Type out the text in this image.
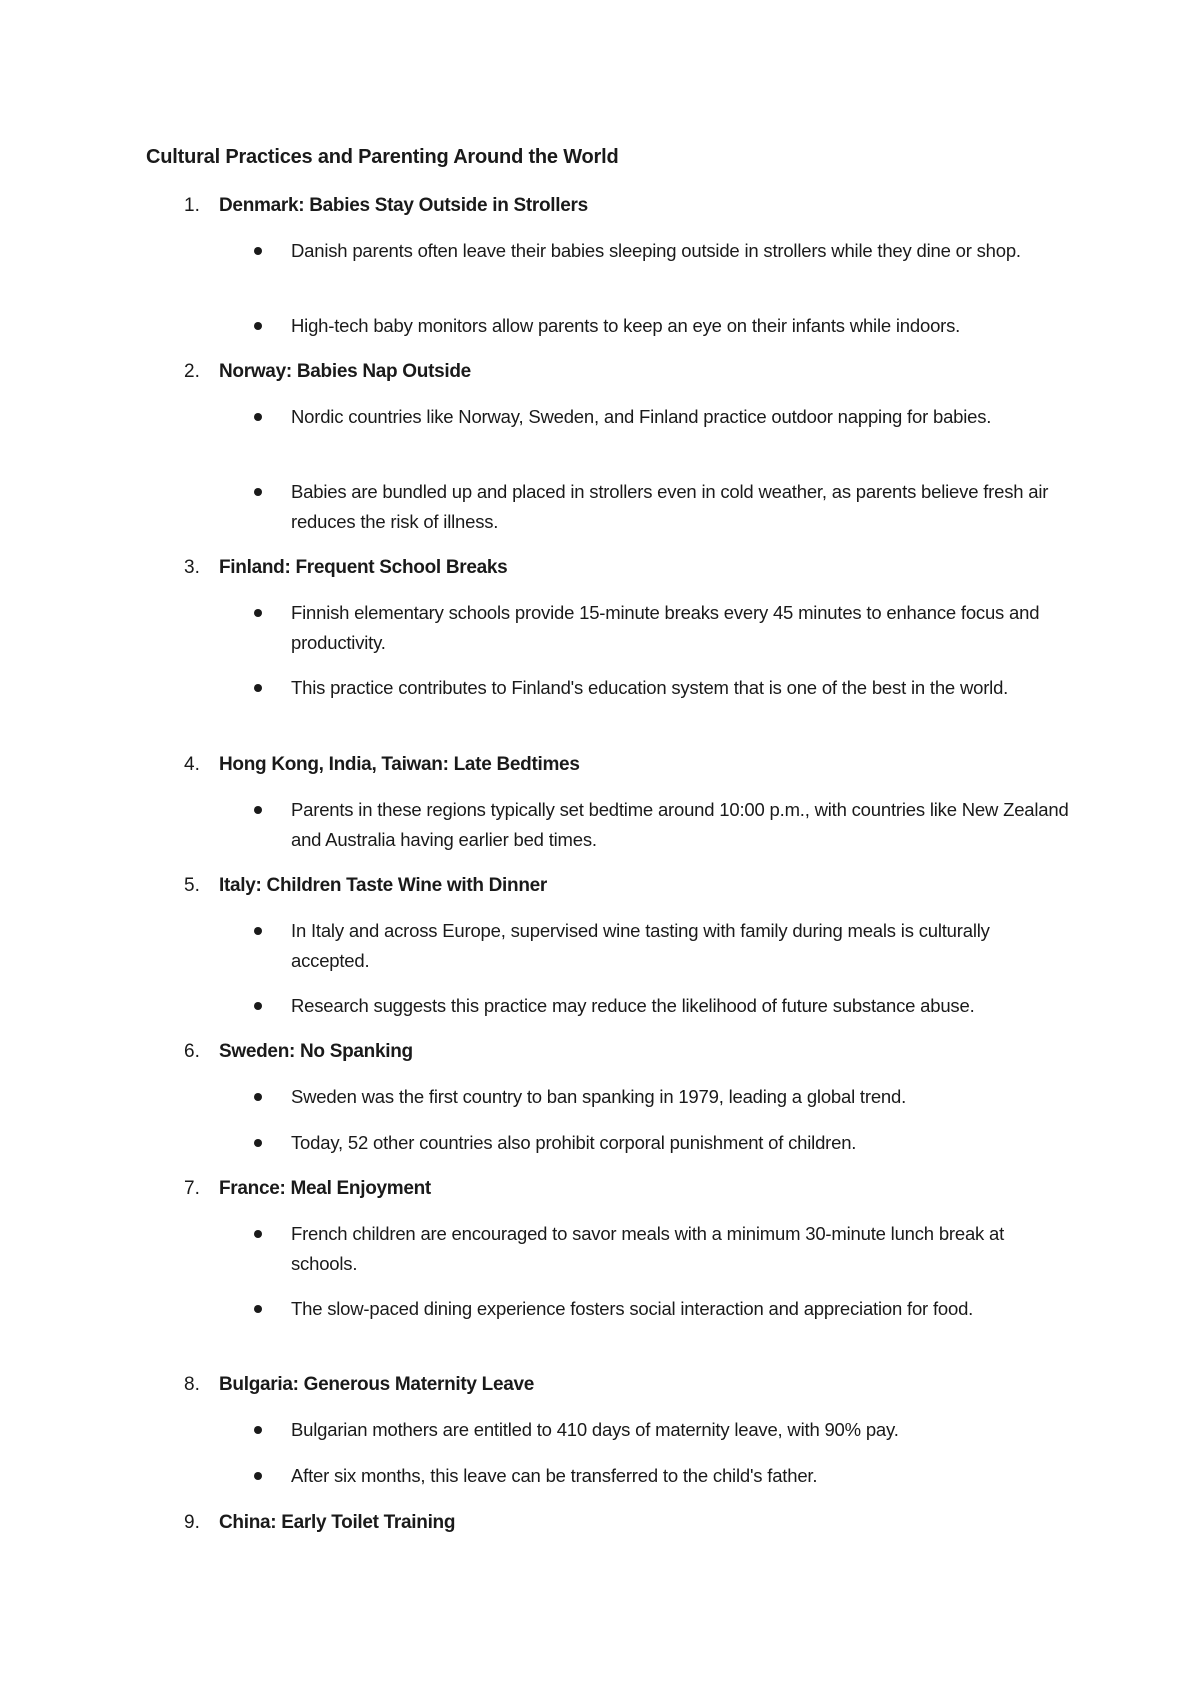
Cultural Practices and Parenting Around the World
1. Denmark: Babies Stay Outside in Strollers
Danish parents often leave their babies sleeping outside in strollers while they dine or shop.
High-tech baby monitors allow parents to keep an eye on their infants while indoors.
2. Norway: Babies Nap Outside
Nordic countries like Norway, Sweden, and Finland practice outdoor napping for babies.
Babies are bundled up and placed in strollers even in cold weather, as parents believe fresh air reduces the risk of illness.
3. Finland: Frequent School Breaks
Finnish elementary schools provide 15-minute breaks every 45 minutes to enhance focus and productivity.
This practice contributes to Finland's education system that is one of the best in the world.
4. Hong Kong, India, Taiwan: Late Bedtimes
Parents in these regions typically set bedtime around 10:00 p.m., with countries like New Zealand and Australia having earlier bed times.
5. Italy: Children Taste Wine with Dinner
In Italy and across Europe, supervised wine tasting with family during meals is culturally accepted.
Research suggests this practice may reduce the likelihood of future substance abuse.
6. Sweden: No Spanking
Sweden was the first country to ban spanking in 1979, leading a global trend.
Today, 52 other countries also prohibit corporal punishment of children.
7. France: Meal Enjoyment
French children are encouraged to savor meals with a minimum 30-minute lunch break at schools.
The slow-paced dining experience fosters social interaction and appreciation for food.
8. Bulgaria: Generous Maternity Leave
Bulgarian mothers are entitled to 410 days of maternity leave, with 90% pay.
After six months, this leave can be transferred to the child's father.
9. China: Early Toilet Training
